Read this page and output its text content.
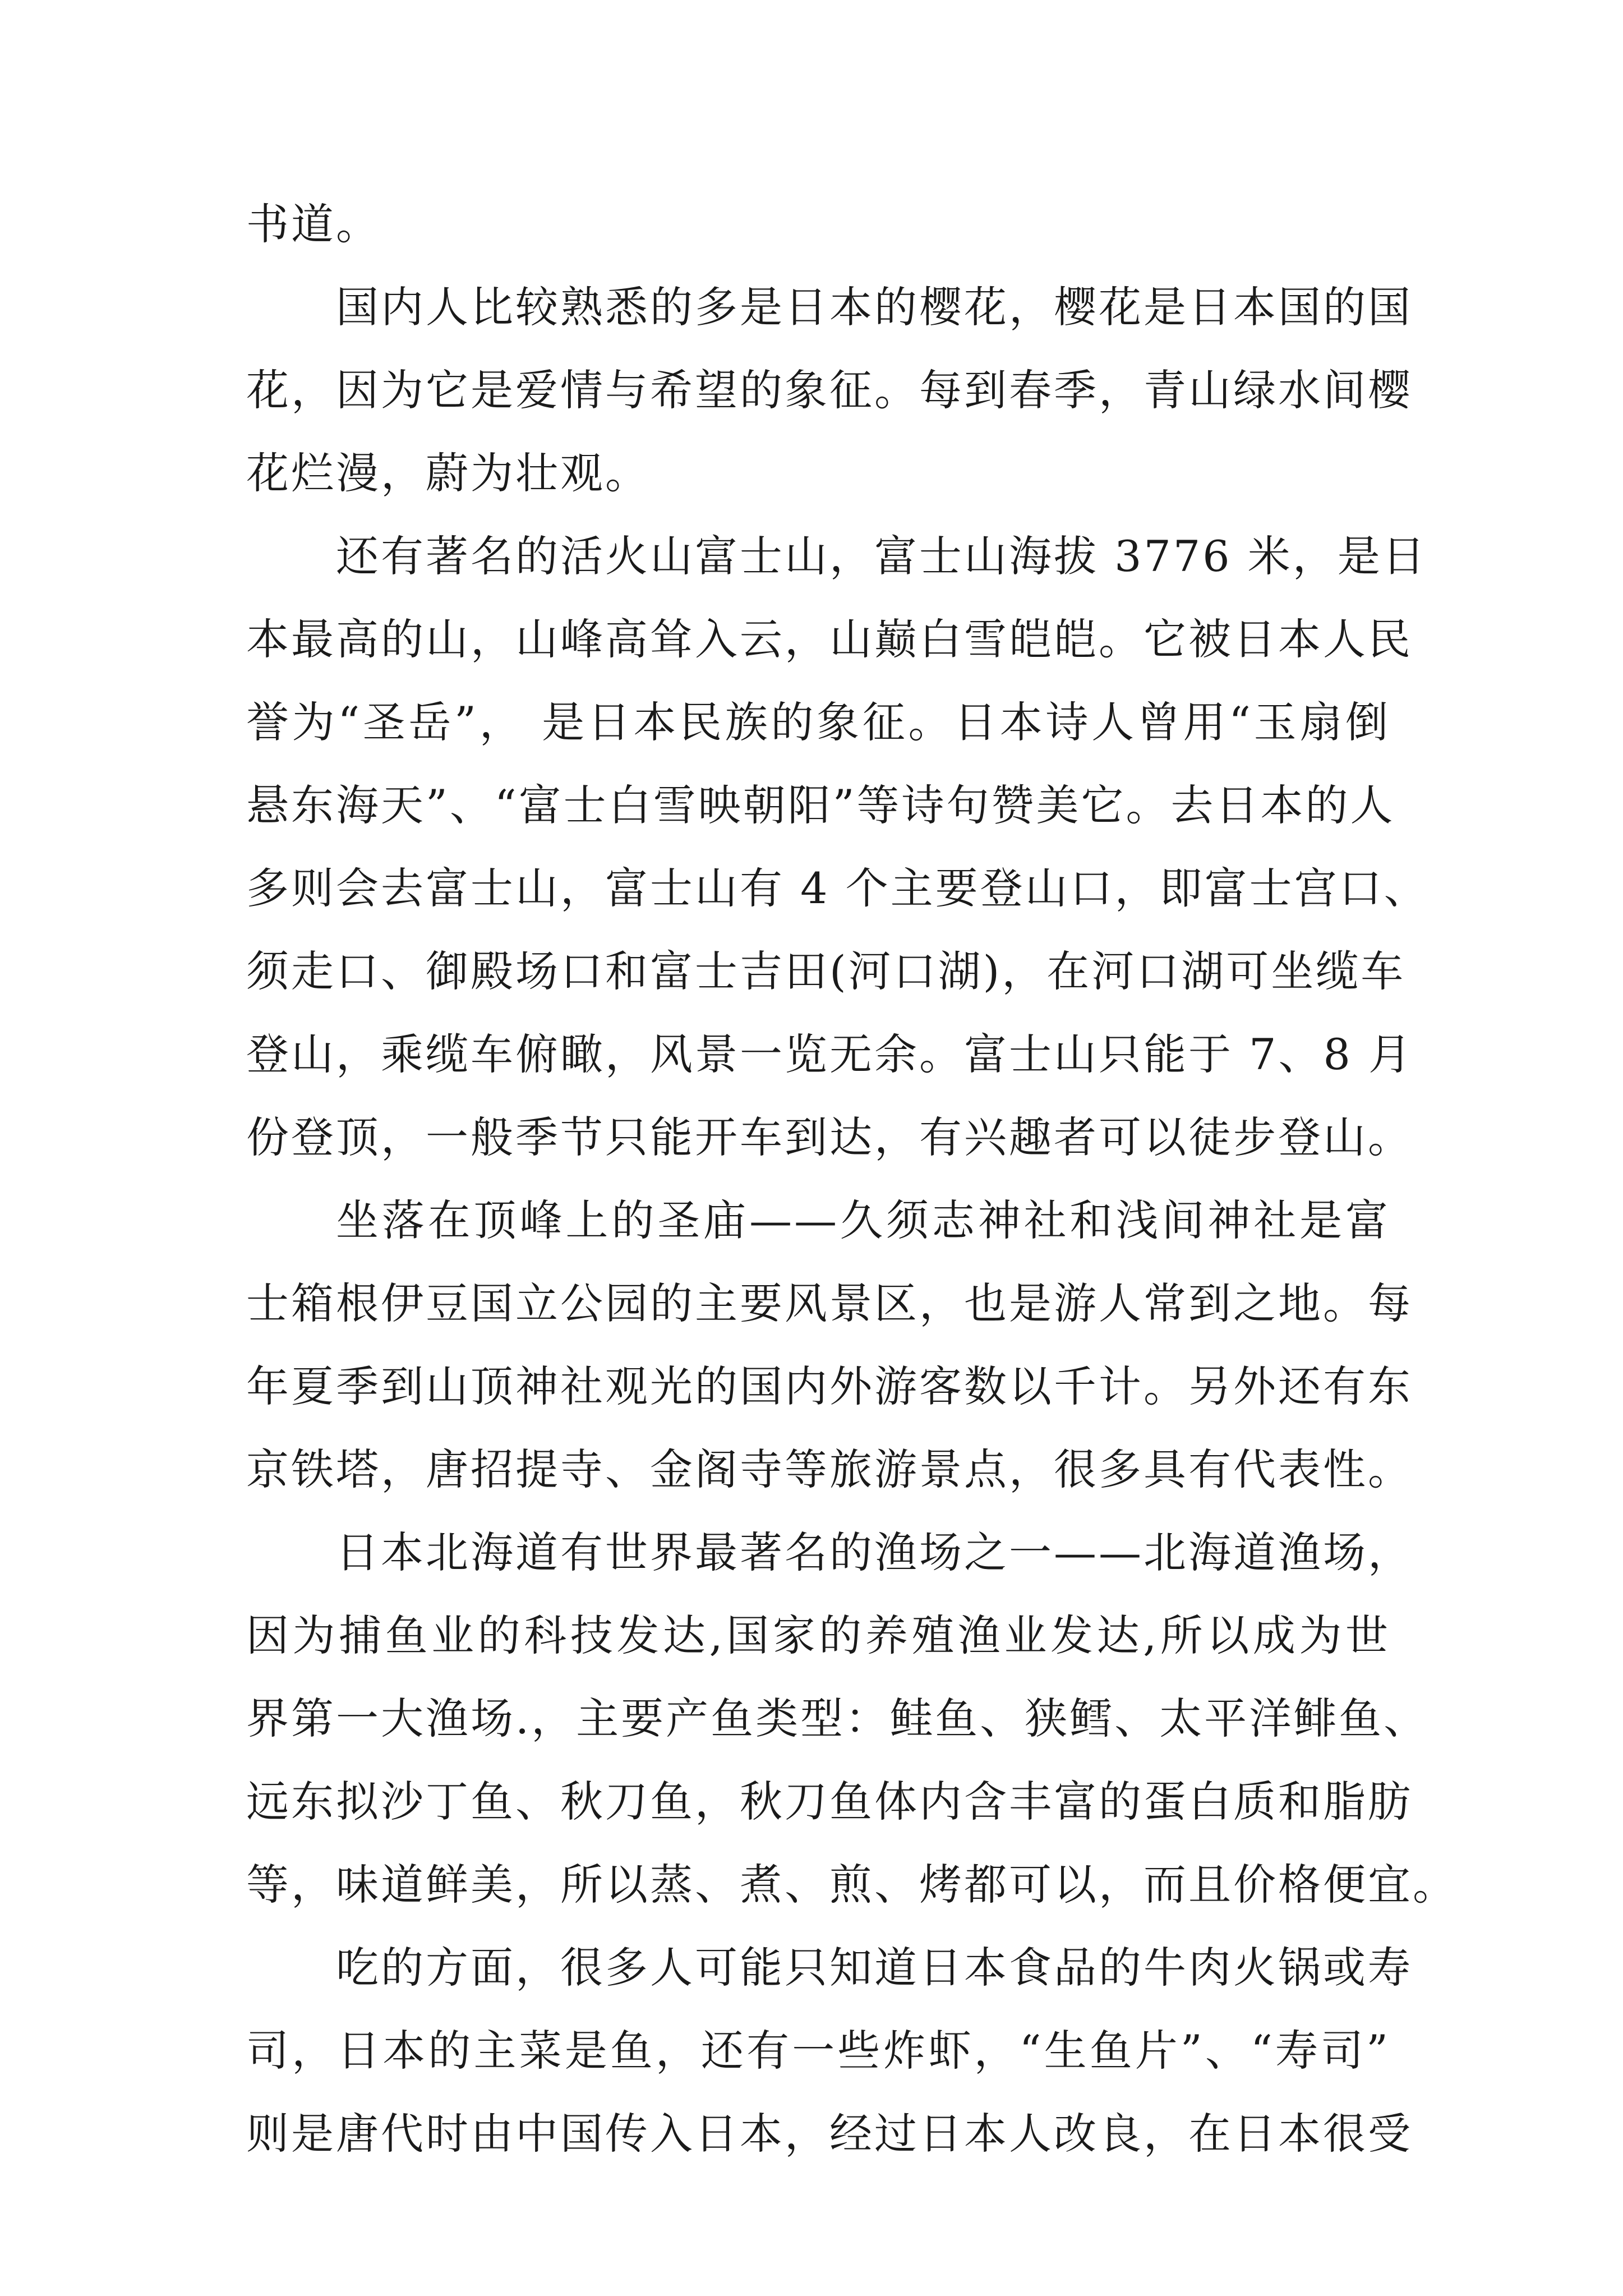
书道。
国内人比较熟悉的多是日本的樱花，樱花是日本国的国
花，因为它是爱情与希望的象征。每到春季，青山绿水间樱
花烂漫，蔚为壮观。
还有著名的活火山富士山，富士山海拔 3776 米，是日
本最高的山，山峰高耸入云，山巅白雪皑皑。它被日本人民
誉为“圣岳”， 是日本民族的象征。日本诗人曾用“玉扇倒
悬东海天”、“富士白雪映朝阳”等诗句赞美它。去日本的人
多则会去富士山，富士山有 4 个主要登山口，即富士宫口、
须走口、御殿场口和富士吉田(河口湖)，在河口湖可坐缆车
登山，乘缆车俯瞰，风景一览无余。富士山只能于 7、8 月
份登顶，一般季节只能开车到达，有兴趣者可以徒步登山。
坐落在顶峰上的圣庙——久须志神社和浅间神社是富
士箱根伊豆国立公园的主要风景区，也是游人常到之地。每
年夏季到山顶神社观光的国内外游客数以千计。另外还有东
京铁塔，唐招提寺、金阁寺等旅游景点，很多具有代表性。
日本北海道有世界最著名的渔场之一——北海道渔场，
因为捕鱼业的科技发达,国家的养殖渔业发达,所以成为世
界第一大渔场.，主要产鱼类型：鲑鱼、狭鳕、太平洋鲱鱼、
远东拟沙丁鱼、秋刀鱼，秋刀鱼体内含丰富的蛋白质和脂肪
等，味道鲜美，所以蒸、煮、煎、烤都可以，而且价格便宜。
吃的方面，很多人可能只知道日本食品的牛肉火锅或寿
司，日本的主菜是鱼，还有一些炸虾，“生鱼片”、“寿司”
则是唐代时由中国传入日本，经过日本人改良，在日本很受
